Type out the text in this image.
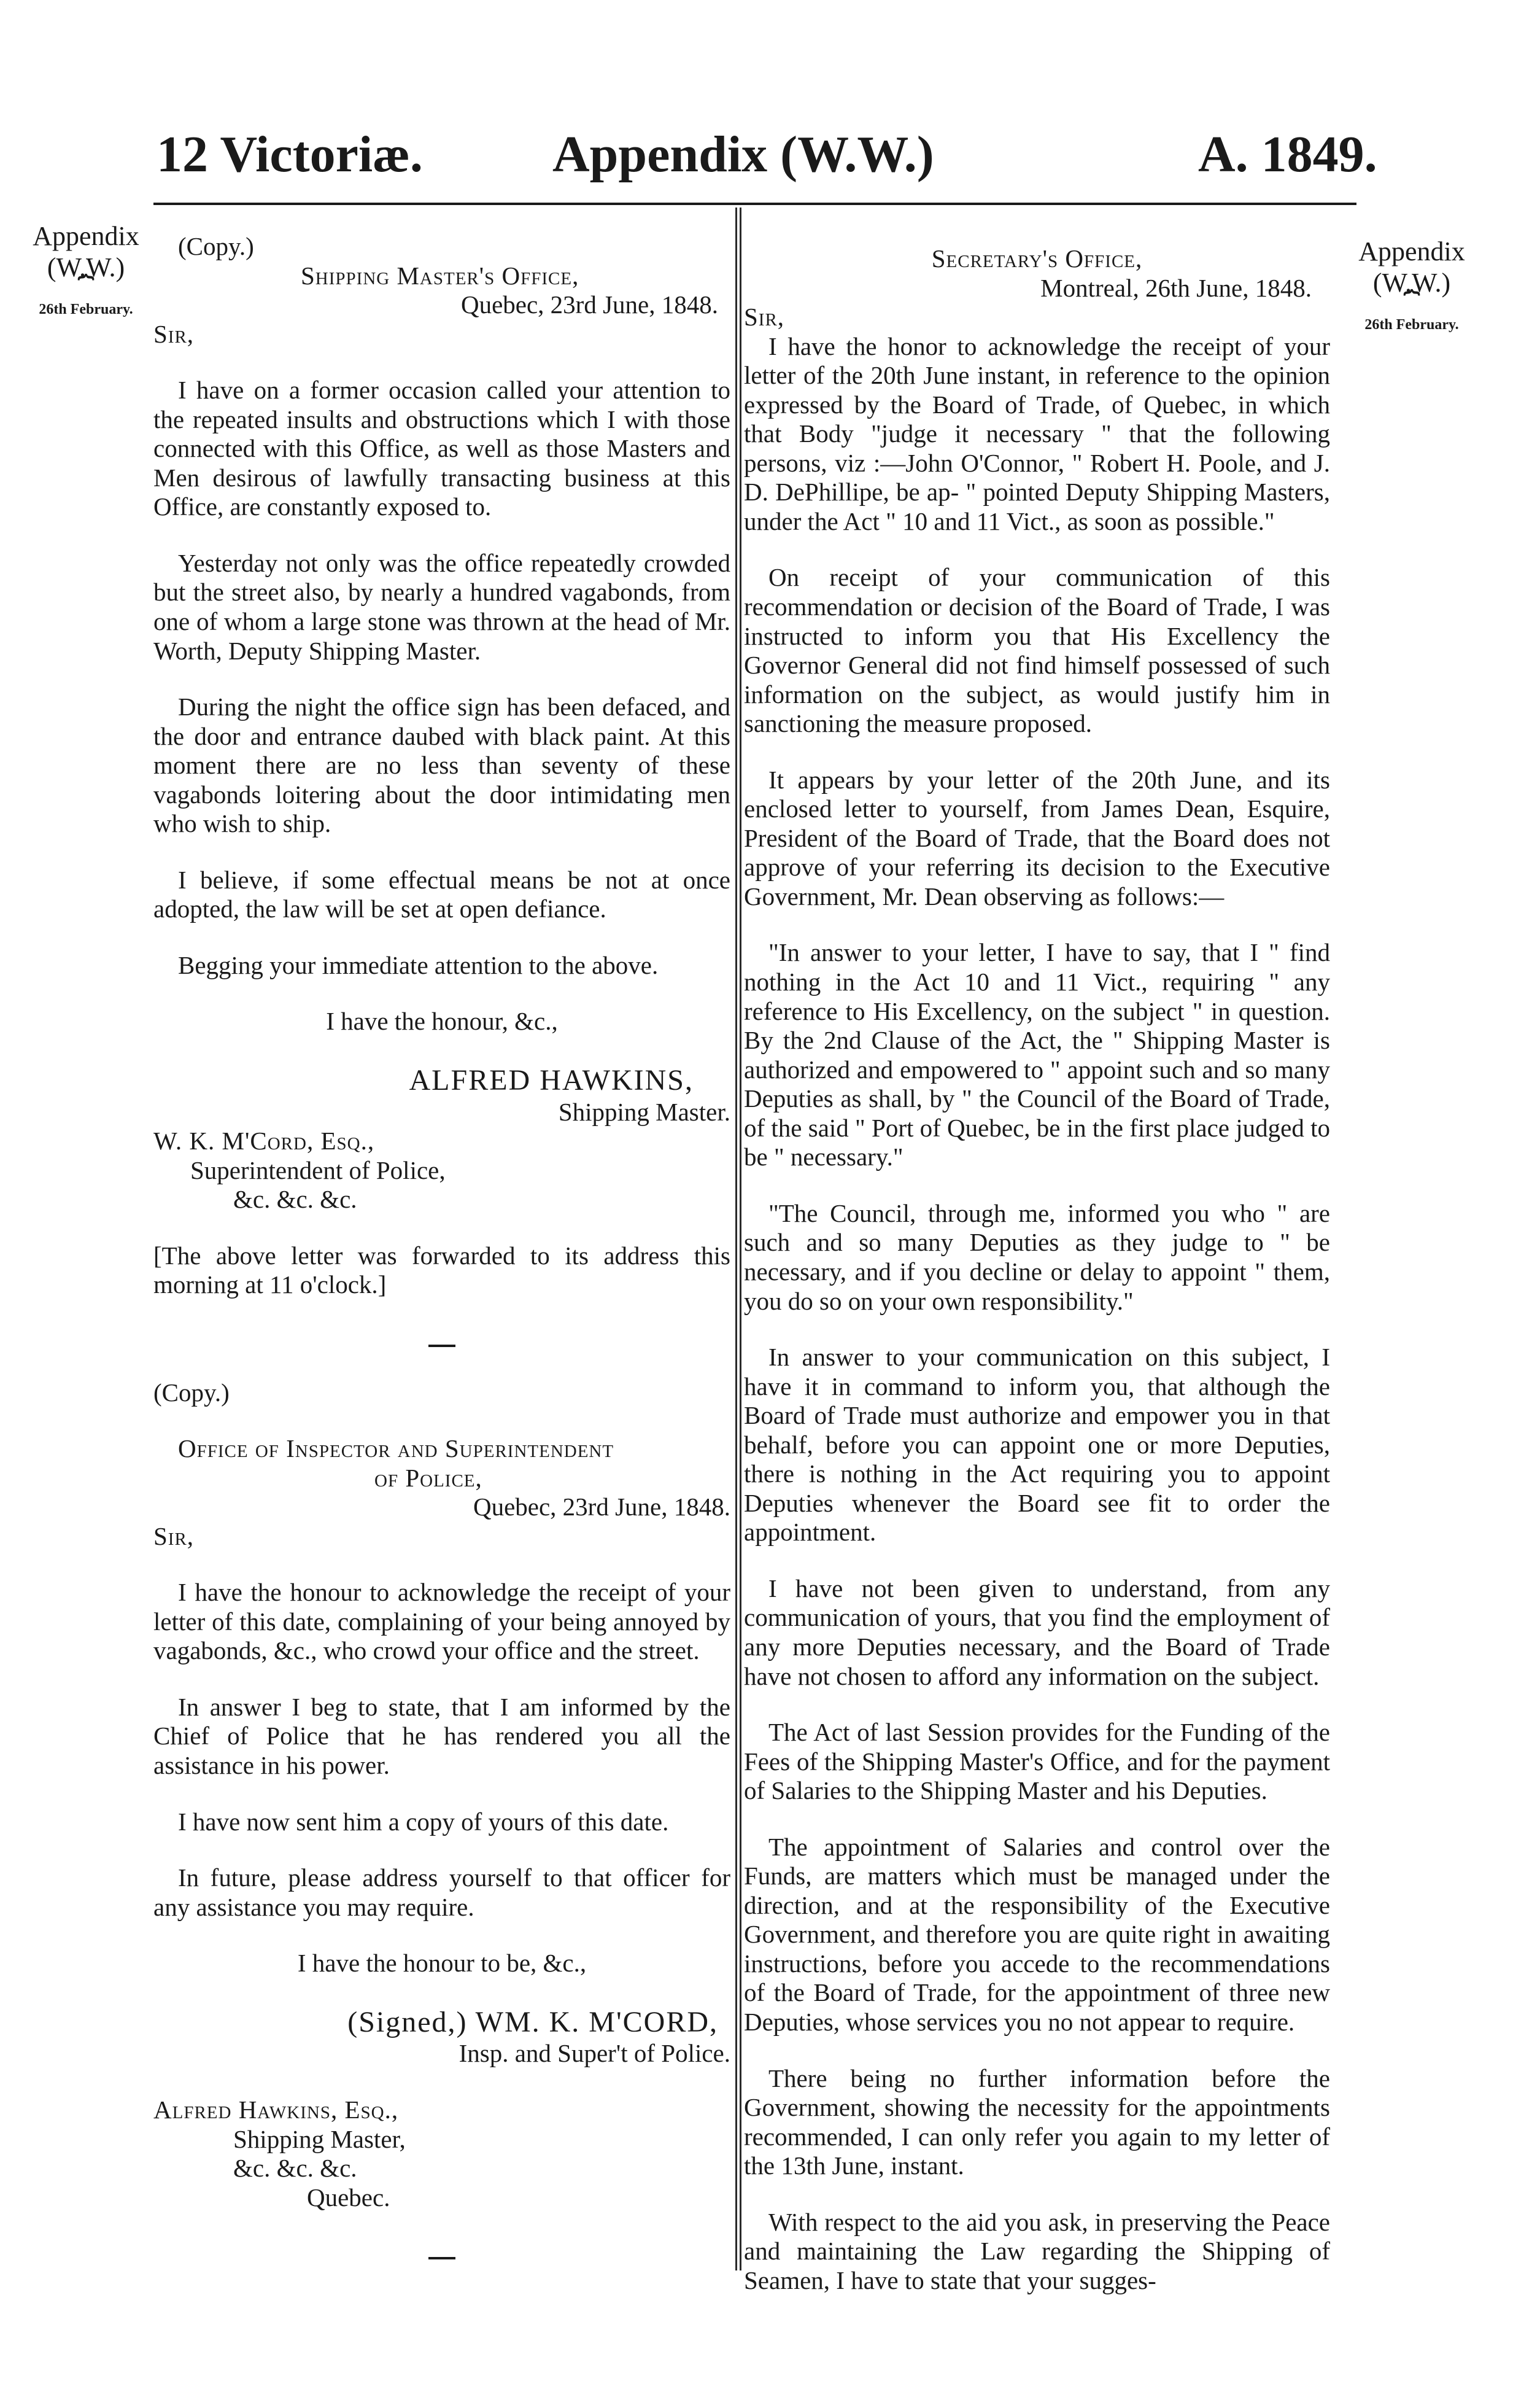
12 Victoriæ.	Appendix (W.W.)	A. 1849.
Appendix
(W.W.)
⏞
26th February.
Appendix
(W.W.)
⏞
26th February.

(Copy.)

Shipping Master's Office,

Quebec, 23rd June, 1848.

Sir,

I have on a former occasion called your attention to the repeated insults and obstructions which I with those connected with this Office, as well as those Masters and Men desirous of lawfully transacting business at this Office, are constantly exposed to.

Yesterday not only was the office repeatedly crowded but the street also, by nearly a hundred vagabonds, from one of whom a large stone was thrown at the head of Mr. Worth, Deputy Shipping Master.

During the night the office sign has been defaced, and the door and entrance daubed with black paint. At this moment there are no less than seventy of these vagabonds loitering about the door intimidating men who wish to ship.

I believe, if some effectual means be not at once adopted, the law will be set at open defiance.

Begging your immediate attention to the above.

I have the honour, &c.,

ALFRED HAWKINS,

Shipping Master.

W. K. M'Cord, Esq.,

Superintendent of Police,

&c. &c. &c.

[The above letter was forwarded to its address this morning at 11 o'clock.]

(Copy.)

Office of Inspector and Superintendent

of Police,

Quebec, 23rd June, 1848.

Sir,

I have the honour to acknowledge the receipt of your letter of this date, complaining of your being annoyed by vagabonds, &c., who crowd your office and the street.

In answer I beg to state, that I am informed by the Chief of Police that he has rendered you all the assistance in his power.

I have now sent him a copy of yours of this date.

In future, please address yourself to that officer for any assistance you may require.

I have the honour to be, &c.,

(Signed,) WM. K. M'CORD,

Insp. and Super't of Police.

Alfred Hawkins, Esq.,

Shipping Master,

&c. &c. &c.

Quebec.

Secretary's Office,

Montreal, 26th June, 1848.

Sir,

I have the honor to acknowledge the receipt of your letter of the 20th June instant, in reference to the opinion expressed by the Board of Trade, of Quebec, in which that Body "judge it necessary " that the following persons, viz :—John O'Connor, " Robert H. Poole, and J. D. DePhillipe, be ap- " pointed Deputy Shipping Masters, under the Act " 10 and 11 Vict., as soon as possible."

On receipt of your communication of this recommendation or decision of the Board of Trade, I was instructed to inform you that His Excellency the Governor General did not find himself possessed of such information on the subject, as would justify him in sanctioning the measure proposed.

It appears by your letter of the 20th June, and its enclosed letter to yourself, from James Dean, Esquire, President of the Board of Trade, that the Board does not approve of your referring its decision to the Executive Government, Mr. Dean observing as follows:—

"In answer to your letter, I have to say, that I " find nothing in the Act 10 and 11 Vict., requiring " any reference to His Excellency, on the subject " in question. By the 2nd Clause of the Act, the " Shipping Master is authorized and empowered to " appoint such and so many Deputies as shall, by " the Council of the Board of Trade, of the said " Port of Quebec, be in the first place judged to be " necessary."

"The Council, through me, informed you who " are such and so many Deputies as they judge to " be necessary, and if you decline or delay to appoint " them, you do so on your own responsibility."

In answer to your communication on this subject, I have it in command to inform you, that although the Board of Trade must authorize and empower you in that behalf, before you can appoint one or more Deputies, there is nothing in the Act requiring you to appoint Deputies whenever the Board see fit to order the appointment.

I have not been given to understand, from any communication of yours, that you find the employment of any more Deputies necessary, and the Board of Trade have not chosen to afford any information on the subject.

The Act of last Session provides for the Funding of the Fees of the Shipping Master's Office, and for the payment of Salaries to the Shipping Master and his Deputies.

The appointment of Salaries and control over the Funds, are matters which must be managed under the direction, and at the responsibility of the Executive Government, and therefore you are quite right in awaiting instructions, before you accede to the recommendations of the Board of Trade, for the appointment of three new Deputies, whose services you no not appear to require.

There being no further information before the Government, showing the necessity for the appointments recommended, I can only refer you again to my letter of the 13th June, instant.

With respect to the aid you ask, in preserving the Peace and maintaining the Law regarding the Shipping of Seamen, I have to state that your sugges-
